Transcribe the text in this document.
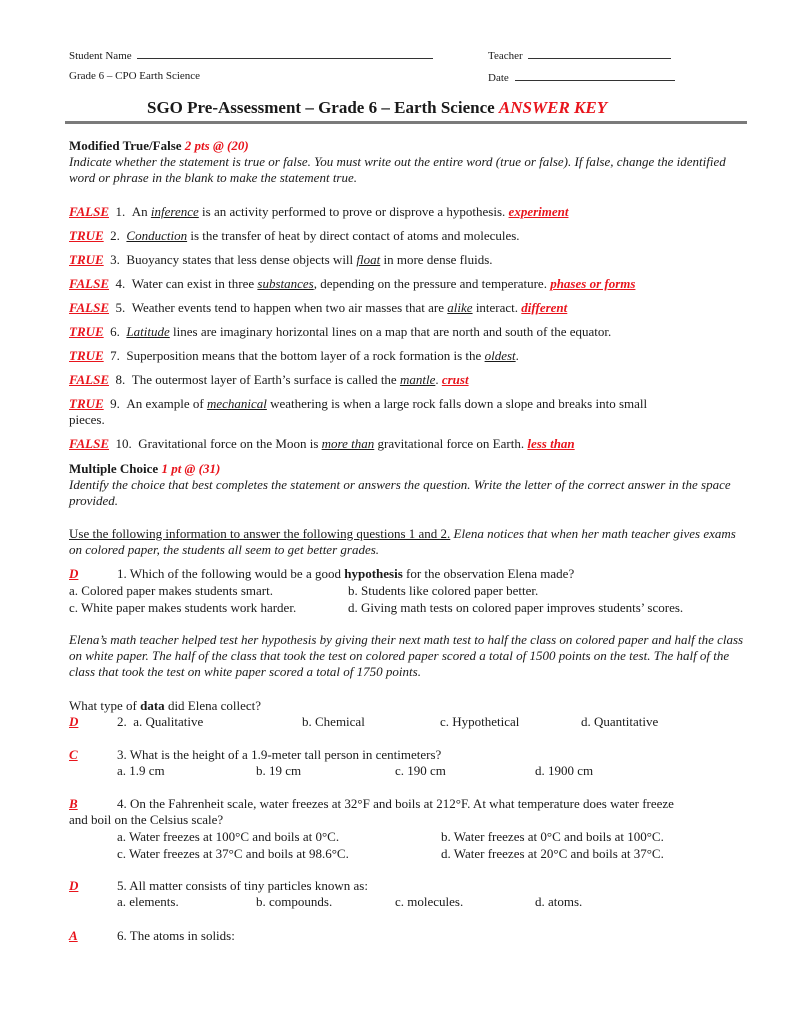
Student Name	Teacher
Grade 6 – CPO Earth Science	Date
SGO Pre-Assessment – Grade 6 – Earth Science ANSWER KEY
Modified True/False 2 pts @ (20)
Indicate whether the statement is true or false. You must write out the entire word (true or false). If false, change the identified word or phrase in the blank to make the statement true.
FALSE 1. An inference is an activity performed to prove or disprove a hypothesis. experiment
TRUE 2. Conduction is the transfer of heat by direct contact of atoms and molecules.
TRUE 3. Buoyancy states that less dense objects will float in more dense fluids.
FALSE 4. Water can exist in three substances, depending on the pressure and temperature. phases or forms
FALSE 5. Weather events tend to happen when two air masses that are alike interact. different
TRUE 6. Latitude lines are imaginary horizontal lines on a map that are north and south of the equator.
TRUE 7. Superposition means that the bottom layer of a rock formation is the oldest.
FALSE 8. The outermost layer of Earth’s surface is called the mantle. crust
TRUE 9. An example of mechanical weathering is when a large rock falls down a slope and breaks into small
pieces.
FALSE 10. Gravitational force on the Moon is more than gravitational force on Earth. less than
Multiple Choice 1 pt @ (31)
Identify the choice that best completes the statement or answers the question. Write the letter of the correct answer in the space provided.
Use the following information to answer the following questions 1 and 2. Elena notices that when her math teacher gives exams on colored paper, the students all seem to get better grades.
D	1. Which of the following would be a good hypothesis for the observation Elena made?
a. Colored paper makes students smart.	b. Students like colored paper better.
c. White paper makes students work harder.	d. Giving math tests on colored paper improves students’ scores.
Elena’s math teacher helped test her hypothesis by giving their next math test to half the class on colored paper and half the class on white paper. The half of the class that took the test on colored paper scored a total of 1500 points on the test. The half of the class that took the test on white paper scored a total of 1750 points.
What type of data did Elena collect?
D	2. a. Qualitative	b. Chemical	c. Hypothetical	d. Quantitative
C	3. What is the height of a 1.9-meter tall person in centimeters?
a. 1.9 cm	b. 19 cm	c. 190 cm	d. 1900 cm
B	4. On the Fahrenheit scale, water freezes at 32°F and boils at 212°F. At what temperature does water freeze
and boil on the Celsius scale?
a. Water freezes at 100°C and boils at 0°C.	b. Water freezes at 0°C and boils at 100°C.
c. Water freezes at 37°C and boils at 98.6°C.	d. Water freezes at 20°C and boils at 37°C.
D	5. All matter consists of tiny particles known as:
a. elements.	b. compounds.	c. molecules.	d. atoms.
A	6. The atoms in solids:
